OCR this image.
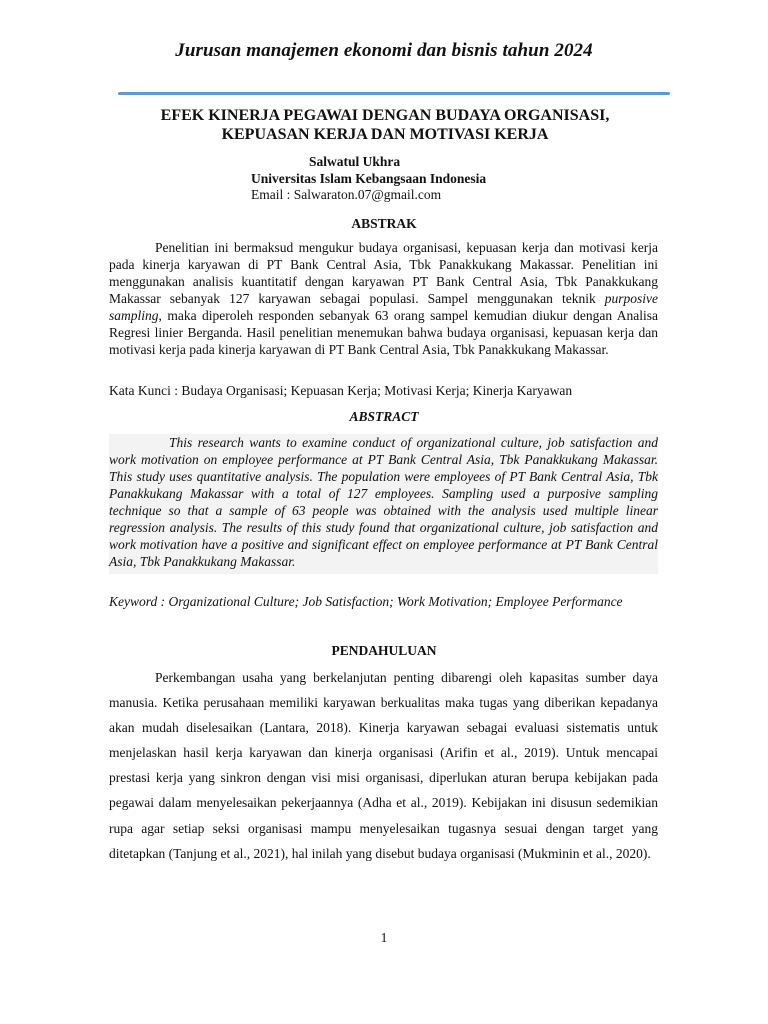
Jurusan manajemen ekonomi dan bisnis tahun 2024
EFEK KINERJA PEGAWAI DENGAN BUDAYA ORGANISASI,
KEPUASAN KERJA DAN MOTIVASI KERJA
Salwatul Ukhra
Universitas Islam Kebangsaan Indonesia
Email : Salwaraton.07@gmail.com
ABSTRAK
Penelitian ini bermaksud mengukur budaya organisasi, kepuasan kerja dan motivasi kerja pada kinerja karyawan di PT Bank Central Asia, Tbk Panakkukang Makassar. Penelitian ini menggunakan analisis kuantitatif dengan karyawan PT Bank Central Asia, Tbk Panakkukang Makassar sebanyak 127 karyawan sebagai populasi. Sampel menggunakan teknik purposive sampling, maka diperoleh responden sebanyak 63 orang sampel kemudian diukur dengan Analisa Regresi linier Berganda. Hasil penelitian menemukan bahwa budaya organisasi, kepuasan kerja dan motivasi kerja pada kinerja karyawan di PT Bank Central Asia, Tbk Panakkukang Makassar.
Kata Kunci : Budaya Organisasi; Kepuasan Kerja; Motivasi Kerja; Kinerja Karyawan
ABSTRACT
This research wants to examine conduct of organizational culture, job satisfaction and work motivation on employee performance at PT Bank Central Asia, Tbk Panakkukang Makassar. This study uses quantitative analysis. The population were employees of PT Bank Central Asia, Tbk Panakkukang Makassar with a total of 127 employees. Sampling used a purposive sampling technique so that a sample of 63 people was obtained with the analysis used multiple linear regression analysis. The results of this study found that organizational culture, job satisfaction and work motivation have a positive and significant effect on employee performance at PT Bank Central Asia, Tbk Panakkukang Makassar.
Keyword : Organizational Culture; Job Satisfaction; Work Motivation; Employee Performance
PENDAHULUAN
Perkembangan usaha yang berkelanjutan penting dibarengi oleh kapasitas sumber daya manusia. Ketika perusahaan memiliki karyawan berkualitas maka tugas yang diberikan kepadanya akan mudah diselesaikan (Lantara, 2018). Kinerja karyawan sebagai evaluasi sistematis untuk menjelaskan hasil kerja karyawan dan kinerja organisasi (Arifin et al., 2019). Untuk mencapai prestasi kerja yang sinkron dengan visi misi organisasi, diperlukan aturan berupa kebijakan pada pegawai dalam menyelesaikan pekerjaannya (Adha et al., 2019). Kebijakan ini disusun sedemikian rupa agar setiap seksi organisasi mampu menyelesaikan tugasnya sesuai dengan target yang ditetapkan (Tanjung et al., 2021), hal inilah yang disebut budaya organisasi (Mukminin et al., 2020).
1
